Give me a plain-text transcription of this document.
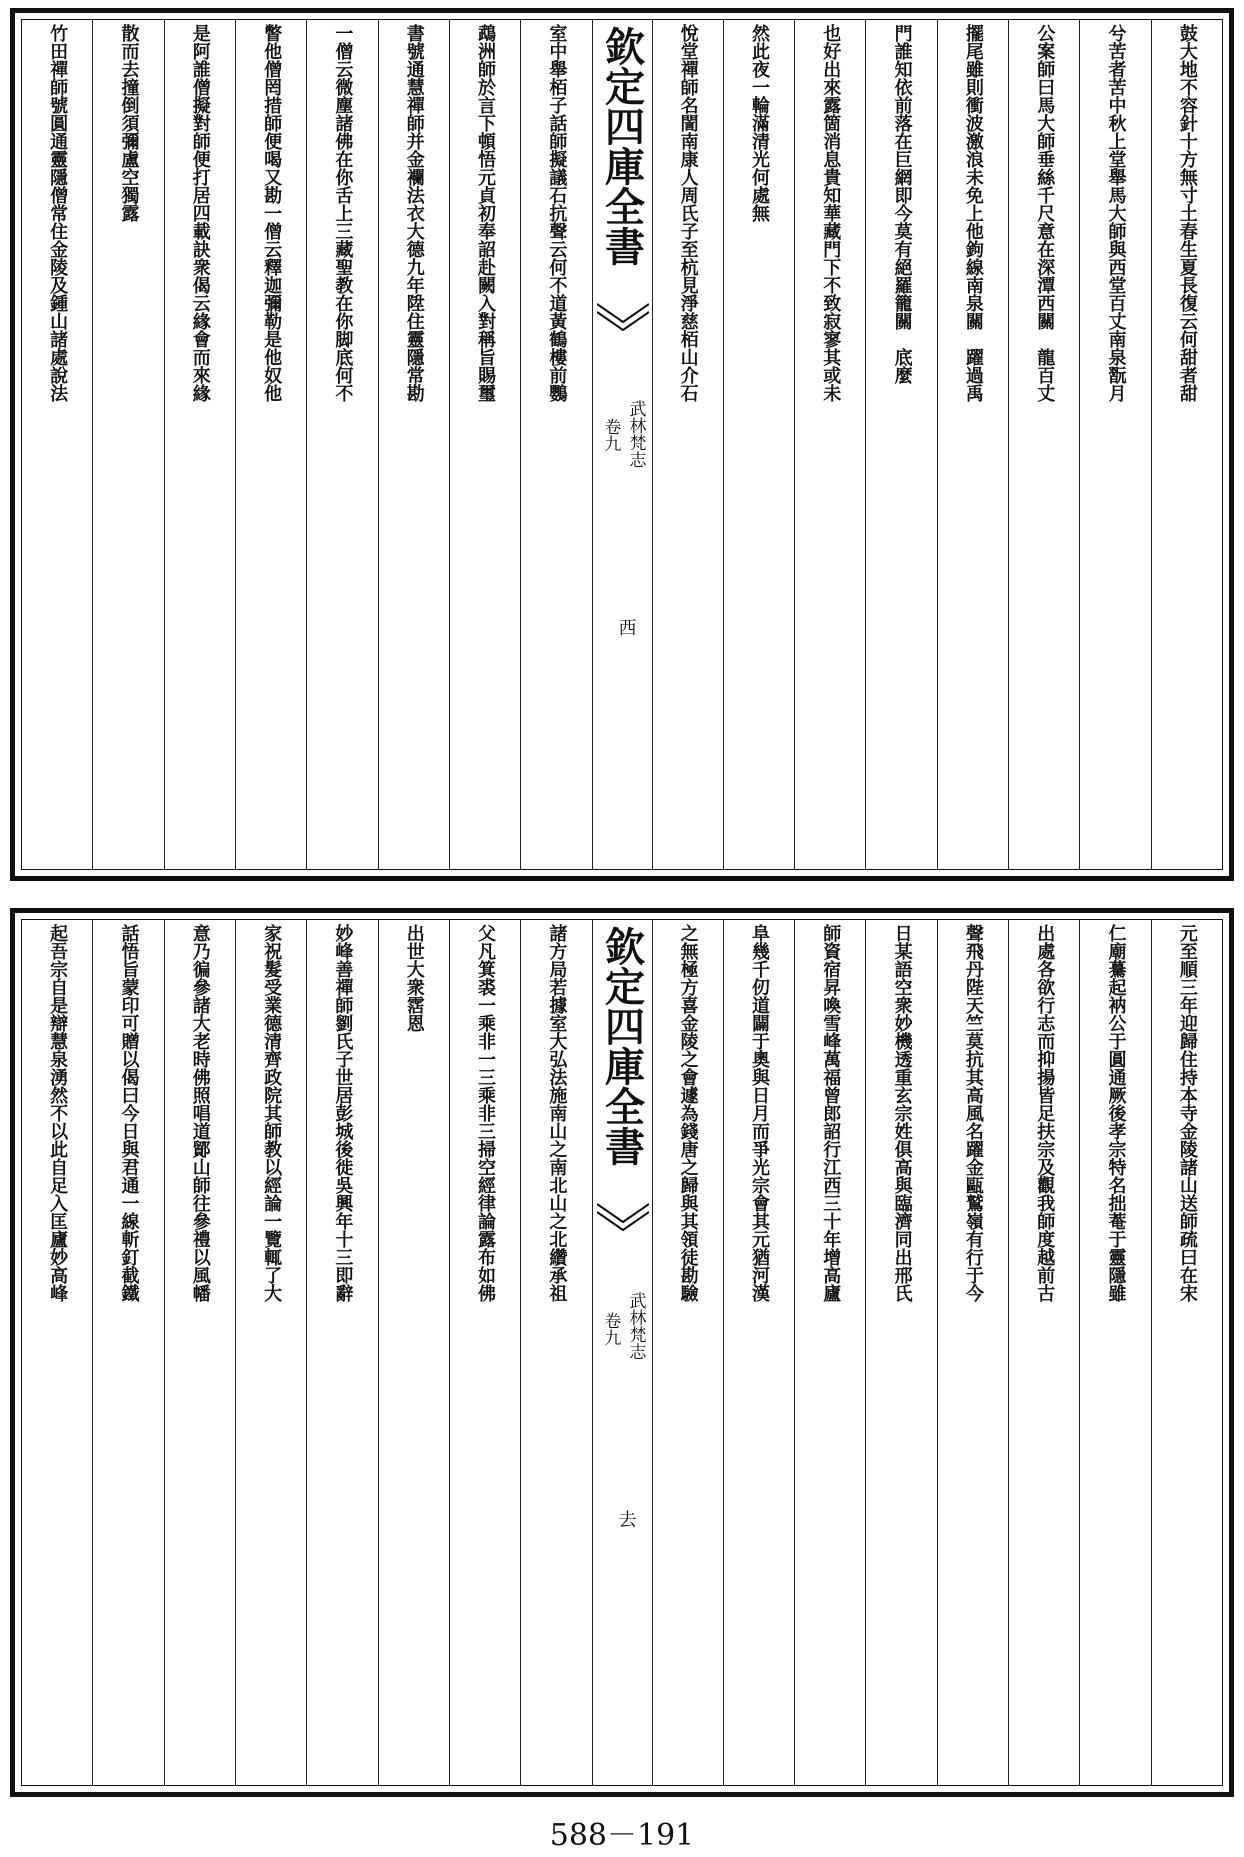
鼓大地不容針十方無寸土春生夏長復云何甜者甜
兮苦者苦中秋上堂舉馬大師與西堂百丈南泉翫月
公案師曰馬大師垂絲千尺意在深潭西關　龍百丈
擺尾雖則衝波激浪未免上他鉤線南泉關　躍過禹
門誰知依前落在巨網即今莫有絕羅籠關　底麼
也好出來露箇消息貴知華藏門下不致寂寥其或未
然此夜一輪滿清光何處無
悅堂禪師名誾南康人周氏子至杭見淨慈栢山介石
欽定四庫全書
武林梵志
卷九
西
室中舉栢子話師擬議石抗聲云何不道黃鶴樓前鸚
鵡洲師於言下頓悟元貞初奉詔赴闕入對稱旨賜璽
書號通慧禪師并金襴法衣大德九年陞住靈隱常勘
一僧云微塵諸佛在你舌上三藏聖教在你脚底何不
瞥他僧罔措師便喝又勘一僧云釋迦彌勒是他奴他
是阿誰僧擬對師便打居四載訣衆偈云緣會而來緣
散而去撞倒須彌盧空獨露
竹田禪師號圓通靈隱僧常住金陵及鍾山諸處說法
元至順三年迎歸住持本寺金陵諸山送師疏曰在宋
仁廟驀起衲公于圓通厥後孝宗特名拙菴于靈隱雖
出處各欲行志而抑揚皆足扶宗及觀我師度越前古
聲飛丹陛天竺莫抗其高風名躍金甌鷲嶺有行于今
日某語空衆妙機透重玄宗姓俱高與臨濟同出邢氏
師資宿昇喚雪峰萬福曾郎詔行江西三十年增高廬
阜幾千仞道闢于奧與日月而爭光宗會其元猶河漢
之無極方喜金陵之會遽為錢唐之歸與其領徒勘驗
欽定四庫全書
武林梵志
卷九
去
諸方局若據室大弘法施南山之南北山之北纘承祖
父凡箕裘一乘非一三乘非三掃空經律論露布如佛
出世大衆霑恩
妙峰善禪師劉氏子世居彭城後徙吳興年十三即辭
家祝髮受業德清齊政院其師教以經論一覽輒了大
意乃徧參諸大老時佛照唱道鄮山師往參禮以風幡
話悟旨蒙印可贈以偈曰今日與君通一線斬釘截鐵
起吾宗自是辯慧泉湧然不以此自足入匡廬妙高峰
588－191
